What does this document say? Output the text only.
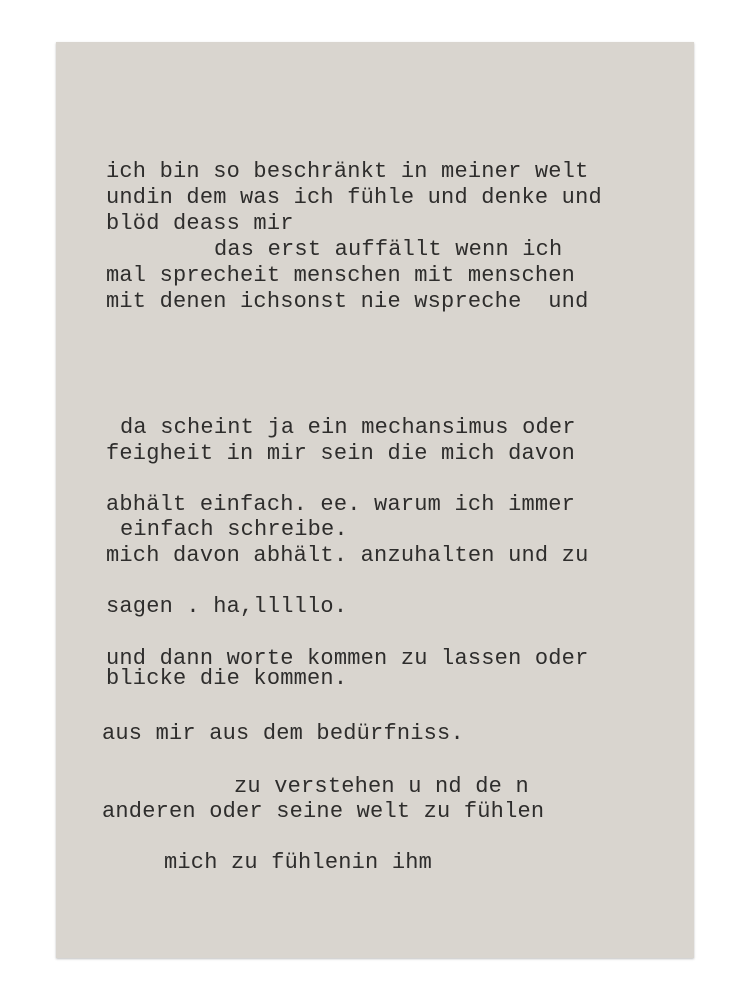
ich bin so beschränkt in meiner welt
undin dem was ich fühle und denke und
blöd deass mir
das erst auffällt wenn ich
mal sprecheit menschen mit menschen
mit denen ichsonst nie wspreche  und
da scheint ja ein mechansimus oder
feigheit in mir sein die mich davon
abhält einfach. ee. warum ich immer
einfach schreibe.
mich davon abhält. anzuhalten und zu
sagen . ha,lllllo.
und dann worte kommen zu lassen oder
blicke die kommen.
aus mir aus dem bedürfniss.
zu verstehen u nd de n
anderen oder seine welt zu fühlen
mich zu fühlenin ihm
